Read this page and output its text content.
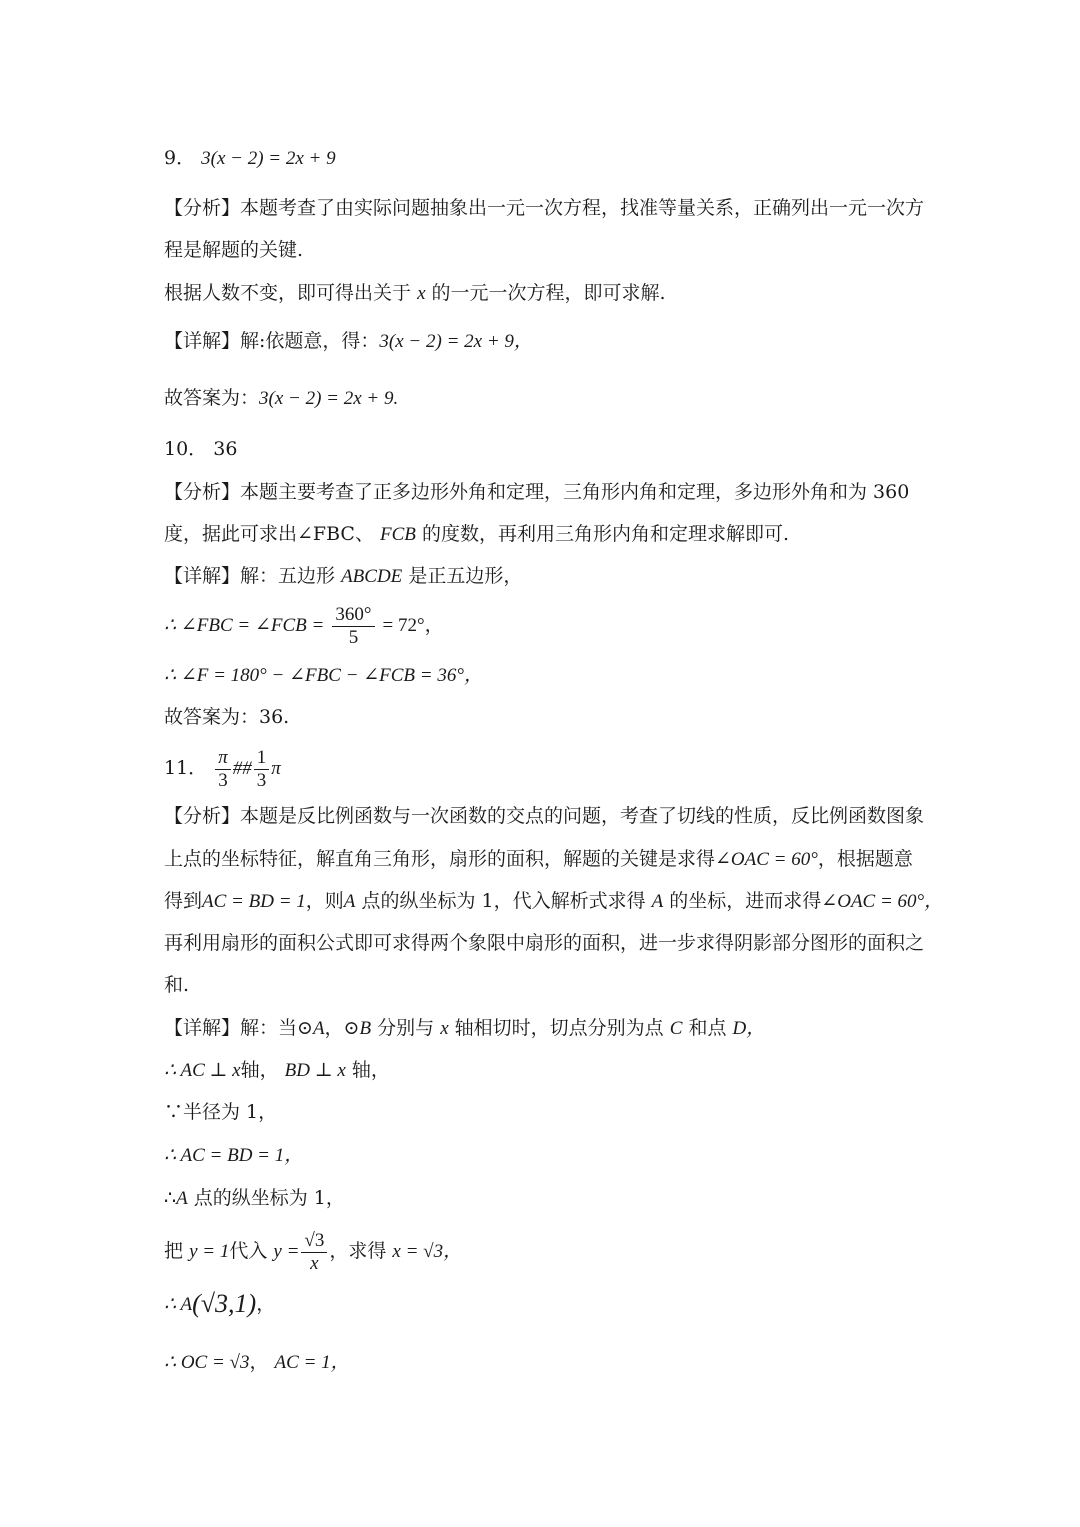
9． 3(x − 2) = 2x + 9
【分析】本题考查了由实际问题抽象出一元一次方程，找准等量关系，正确列出一元一次方
程是解题的关键.
根据人数不变，即可得出关于 x 的一元一次方程，即可求解.
【详解】解:依题意，得：3(x − 2) = 2x + 9，
故答案为：3(x − 2) = 2x + 9.
10． 36
【分析】本题主要考查了正多边形外角和定理，三角形内角和定理，多边形外角和为 360
度，据此可求出∠FBC、 FCB 的度数，再利用三角形内角和定理求解即可.
【详解】解：五边形 ABCDE 是正五边形，
∴ ∠FBC = ∠FCB = $\frac{360^\circ}{5} = 72^\circ$，
∴ ∠F = 180° − ∠FBC − ∠FCB = 36°，
故答案为：36.
11． $\frac{\pi}{3}$ ## $\frac{1}{3}$ π
【分析】本题是反比例函数与一次函数的交点的问题，考查了切线的性质，反比例函数图象
上点的坐标特征，解直角三角形，扇形的面积，解题的关键是求得∠OAC = 60°，根据题意
得到AC = BD = 1，则A 点的纵坐标为 1，代入解析式求得 A 的坐标，进而求得∠OAC = 60°，
再利用扇形的面积公式即可求得两个象限中扇形的面积，进一步求得阴影部分图形的面积之
和.
【详解】解：当⊙A，⊙B 分别与 x 轴相切时，切点分别为点 C 和点 D，
∴ AC ⊥ x轴， BD ⊥ x 轴，
∵半径为 1，
∴ AC = BD = 1，
∴A 点的纵坐标为 1，
把 y = 1代入 $y = \frac{√3}{x}$ ，求得 x = √3，
∴ A(√3,1)，
∴ OC = √3， AC = 1，
